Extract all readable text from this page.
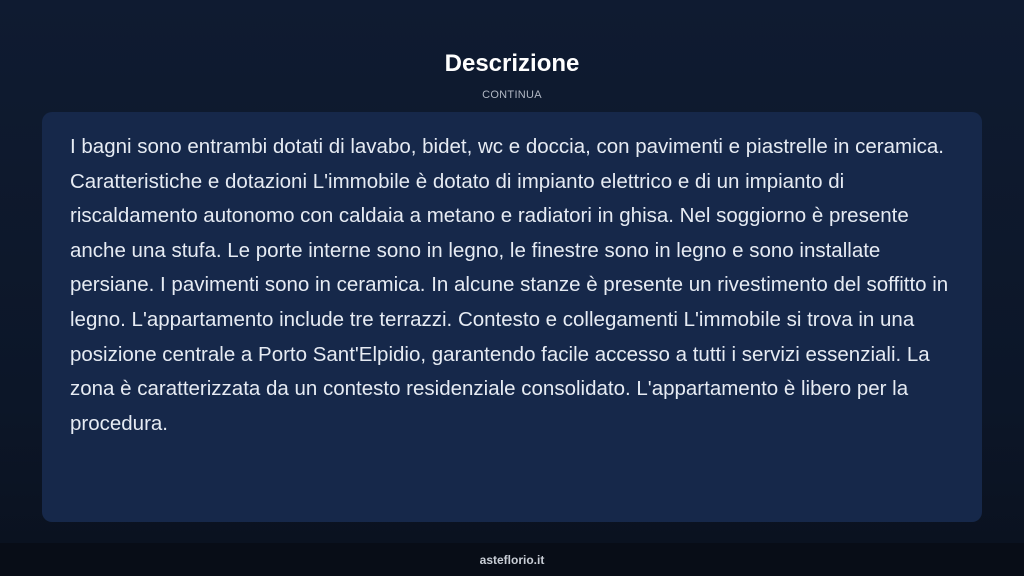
Descrizione
CONTINUA

I bagni sono entrambi dotati di lavabo, bidet, wc e doccia, con pavimenti e piastrelle in ceramica. Caratteristiche e dotazioni L'immobile è dotato di impianto elettrico e di un impianto di riscaldamento autonomo con caldaia a metano e radiatori in ghisa. Nel soggiorno è presente anche una stufa. Le porte interne sono in legno, le finestre sono in legno e sono installate persiane. I pavimenti sono in ceramica. In alcune stanze è presente un rivestimento del soffitto in legno. L'appartamento include tre terrazzi. Contesto e collegamenti L'immobile si trova in una posizione centrale a Porto Sant'Elpidio, garantendo facile accesso a tutti i servizi essenziali. La zona è caratterizzata da un contesto residenziale consolidato. L'appartamento è libero per la procedura.

asteflorio.it
